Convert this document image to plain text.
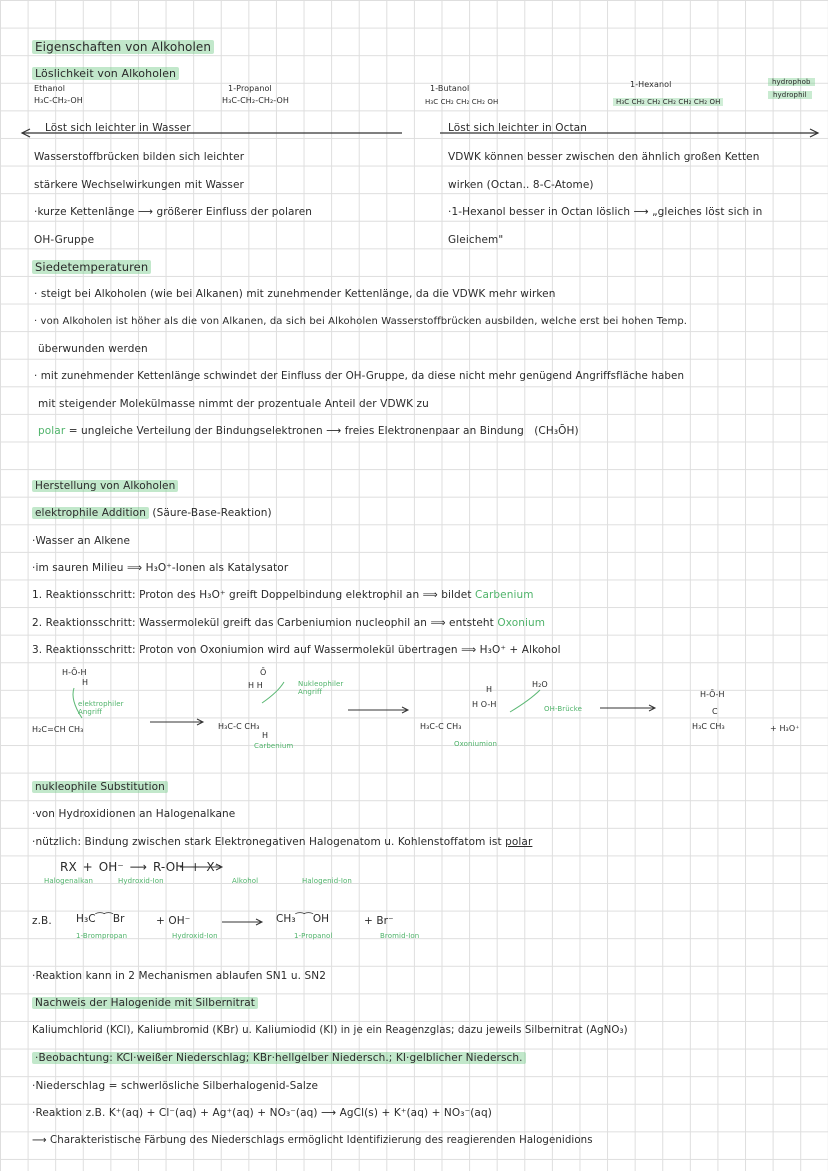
Eigenschaften von Alkoholen
Löslichkeit von Alkoholen
Ethanol
H₃C-CH₂-OH
1-Propanol
H₃C-CH₂-CH₂-OH
1-Butanol
H₃C CH₂ CH₂ CH₂ OH
1-Hexanol
H₃C CH₂ CH₂ CH₂ CH₂ CH₂ OH
hydrophob
hydrophil
Löst sich leichter in Wasser	Löst sich leichter in Octan
Wasserstoffbrücken bilden sich leichter
stärkere Wechselwirkungen mit Wasser
·kurze Kettenlänge ⟶ größerer Einfluss der polaren
OH-Gruppe
VDWK können besser zwischen den ähnlich großen Ketten
wirken (Octan.. 8-C-Atome)
·1-Hexanol besser in Octan löslich ⟶ „gleiches löst sich in
Gleichem"
Siedetemperaturen
· steigt bei Alkoholen (wie bei Alkanen) mit zunehmender Kettenlänge, da die VDWK mehr wirken
· von Alkoholen ist höher als die von Alkanen, da sich bei Alkoholen Wasserstoffbrücken ausbilden, welche erst bei hohen Temp.
überwunden werden
· mit zunehmender Kettenlänge schwindet der Einfluss der OH-Gruppe, da diese nicht mehr genügend Angriffsfläche haben
mit steigender Molekülmasse nimmt der prozentuale Anteil der VDWK zu
polar = ungleiche Verteilung der Bindungselektronen ⟶ freies Elektronenpaar an Bindung (CH₃ŌH)
Herstellung von Alkoholen
elektrophile Addition (Säure-Base-Reaktion)
·Wasser an Alkene
·im sauren Milieu ⟹ H₃O⁺-Ionen als Katalysator
1. Reaktionsschritt: Proton des H₃O⁺ greift Doppelbindung elektrophil an ⟹ bildet Carbenium
2. Reaktionsschritt: Wassermolekül greift das Carbeniumion nucleophil an ⟹ entsteht Oxonium
3. Reaktionsschritt: Proton von Oxoniumion wird auf Wassermolekül übertragen ⟹ H₃O⁺ + Alkohol
H-Ō-H
H
elektrophiler Angriff
H₂C=CH CH₃
Ō
H H	Nukleophiler Angriff
H₃C-C CH₃
H
Carbenium
H
H O-H
H₂O
OH-Brücke
H₃C-C CH₃
Oxoniumion
H-Ō-H
C
H₃C CH₃	+ H₃O⁺
nukleophile Substitution
·von Hydroxidionen an Halogenalkane
·nützlich: Bindung zwischen stark Elektronegativen Halogenatom u. Kohlenstoffatom ist polar
RX + OH⁻ ⟶ R-OH + X⁻
Halogenalkan	Hydroxid-Ion	Alkohol	Halogenid-Ion
z.B. H₃C⁀⁀Br	+ OH⁻	CH₃⁀⁀OH	+ Br⁻
1-Brompropan	Hydroxid-Ion	1-Propanol	Bromid-Ion
·Reaktion kann in 2 Mechanismen ablaufen SN1 u. SN2
Nachweis der Halogenide mit Silbernitrat
Kaliumchlorid (KCl), Kaliumbromid (KBr) u. Kaliumiodid (KI) in je ein Reagenzglas; dazu jeweils Silbernitrat (AgNO₃)
·Beobachtung: KCl·weißer Niederschlag; KBr·hellgelber Niedersch.; KI·gelblicher Niedersch.
·Niederschlag = schwerlösliche Silberhalogenid-Salze
·Reaktion z.B. K⁺(aq) + Cl⁻(aq) + Ag⁺(aq) + NO₃⁻(aq) ⟶ AgCl(s) + K⁺(aq) + NO₃⁻(aq)
⟶ Charakteristische Färbung des Niederschlags ermöglicht Identifizierung des reagierenden Halogenidions
